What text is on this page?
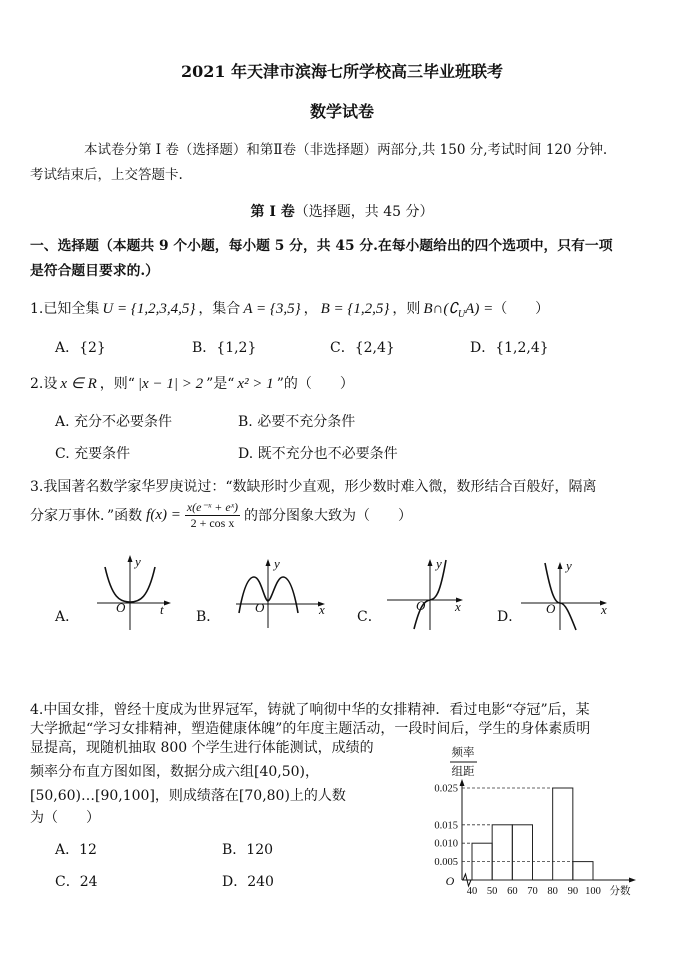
2021 年天津市滨海七所学校高三毕业班联考
数学试卷
本试卷分第 I 卷（选择题）和第Ⅱ卷（非选择题）两部分,共 150 分,考试时间 120 分钟.
考试结束后，上交答题卡.
第 I 卷（选择题，共 45 分）
一、选择题（本题共 9 个小题，每小题 5 分，共 45 分.在每小题给出的四个选项中，只有一项
是符合题目要求的.）
1.已知全集 U = {1,2,3,4,5} ，集合 A = {3,5} ， B = {1,2,5} ，则 $B\cap(∁_UA)$ =（　　）
A．{2}	B．{1,2}	C．{2,4}	D．{1,2,4}
2.设 x ∈ R ，则“ |x − 1| > 2 ”是“ x² > 1 ”的（　　）
A. 充分不必要条件	B. 必要不充分条件
C. 充要条件	D. 既不充分也不必要条件
3.我国著名数学家华罗庚说过：“数缺形时少直观，形少数时难入微，数形结合百般好，隔离
分家万事休．”函数 $f(x) = \frac{\text{x(e⁻ˣ + eˣ)}}{\text{2 + cos x}}$ 的部分图象大致为（　　）
A．	B．	C．	D．
y
O	t
y
O	x
y
O x
y
O	x
4.中国女排，曾经十度成为世界冠军，铸就了响彻中华的女排精神．看过电影“夺冠”后，某
大学掀起“学习女排精神，塑造健康体魄”的年度主题活动，一段时间后，学生的身体素质明
显提高，现随机抽取 800 个学生进行体能测试，成绩的
频率分布直方图如图，数据分成六组[40,50)，
[50,60)…[90,100]，则成绩落在[70,80)上的人数
为（　　）
A．12	B．120
C．24	D．240
频率
组距
O
分数
0.025
0.015
0.010
0.005
40 50 60 70 80 90 100
